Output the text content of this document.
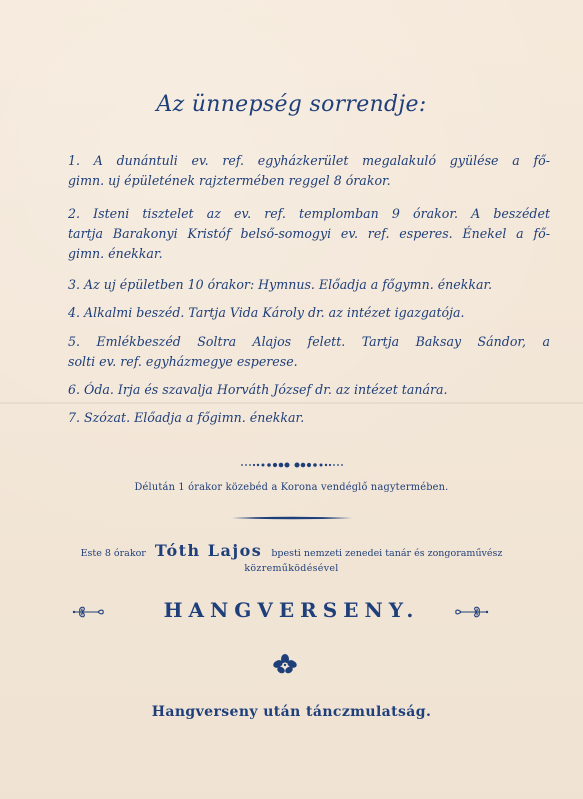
Az ünnepség sorrendje:
1. A dunántuli ev. ref. egyházkerület megalakuló gyülése a fő-
gimn. uj épületének rajztermében reggel 8 órakor.
2. Isteni tisztelet az ev. ref. templomban 9 órakor. A beszédet
tartja Barakonyi Kristóf belső-somogyi ev. ref. esperes. Énekel a fő-
gimn. énekkar.
3. Az uj épületben 10 órakor: Hymnus. Előadja a főgymn. énekkar.
4. Alkalmi beszéd. Tartja Vida Károly dr. az intézet igazgatója.
5. Emlékbeszéd Soltra Alajos felett. Tartja Baksay Sándor, a
solti ev. ref. egyházmegye esperese.
6. Óda. Irja és szavalja Horváth József dr. az intézet tanára.
7. Szózat. Előadja a főgimn. énekkar.
Délután 1 órakor közebéd a Korona vendéglő nagytermében.
Este 8 órakor Tóth Lajos bpesti nemzeti zenedei tanár és zongoraművész
közreműködésével
HANGVERSENY.
Hangverseny után tánczmulatság.
